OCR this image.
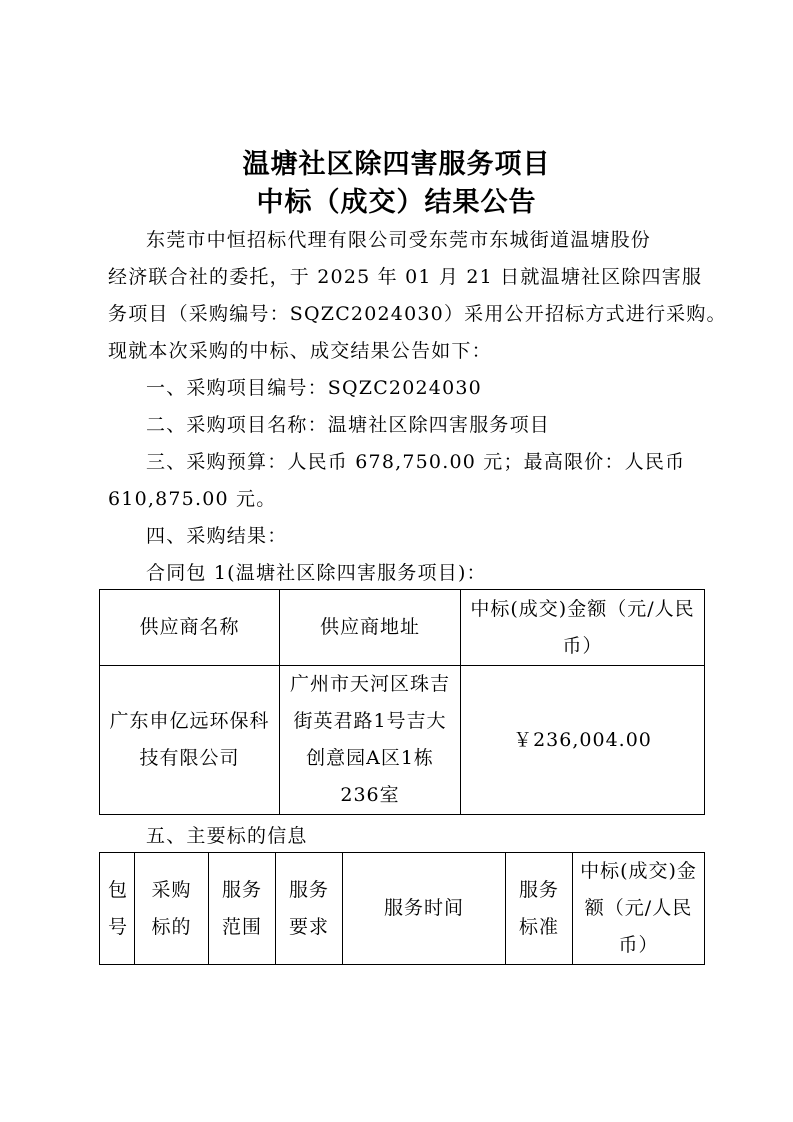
温塘社区除四害服务项目
中标（成交）结果公告
东莞市中恒招标代理有限公司受东莞市东城街道温塘股份
经济联合社的委托，于 2025 年 01 月 21 日就温塘社区除四害服
务项目（采购编号：SQZC2024030）采用公开招标方式进行采购。
现就本次采购的中标、成交结果公告如下：
一、采购项目编号：SQZC2024030
二、采购项目名称：温塘社区除四害服务项目
三、采购预算：人民币 678,750.00 元；最高限价：人民币
610,875.00 元。
四、采购结果：
合同包 1(温塘社区除四害服务项目)：
供应商名称	供应商地址	中标(成交)金额（元/人民币）
广东申亿远环保科技有限公司	广州市天河区珠吉街英君路1号吉大创意园A区1栋236室	￥236,004.00
五、主要标的信息
包号	采购标的	服务范围	服务要求	服务时间	服务标准	中标(成交)金额（元/人民币）
